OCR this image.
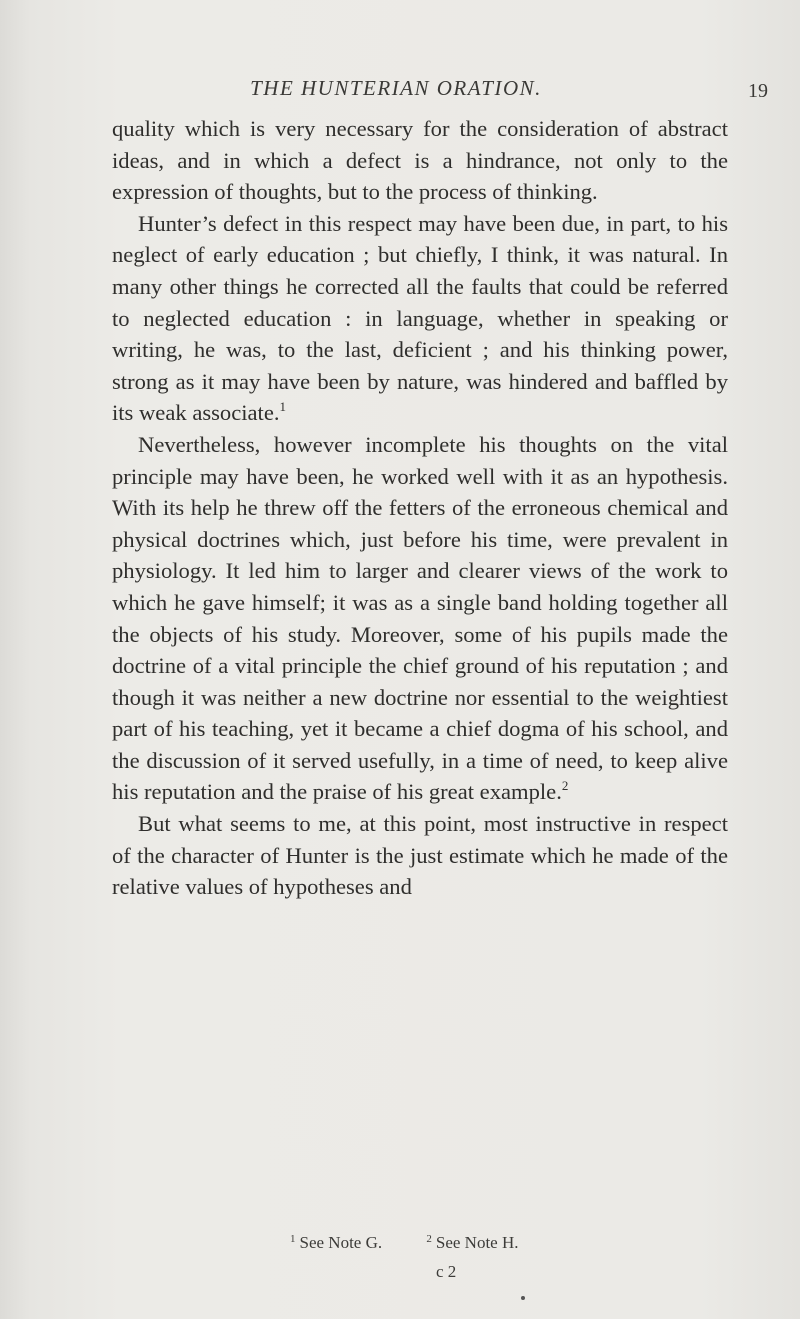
THE HUNTERIAN ORATION.	19

quality which is very necessary for the consideration of abstract ideas, and in which a defect is a hindrance, not only to the expression of thoughts, but to the process of thinking.

Hunter’s defect in this respect may have been due, in part, to his neglect of early education ; but chiefly, I think, it was natural. In many other things he corrected all the faults that could be referred to neglected education : in language, whether in speaking or writing, he was, to the last, deficient ; and his thinking power, strong as it may have been by nature, was hindered and baffled by its weak associate.$^1$

Nevertheless, however incomplete his thoughts on the vital principle may have been, he worked well with it as an hypothesis. With its help he threw off the fetters of the erroneous chemical and physical doctrines which, just before his time, were prevalent in physiology. It led him to larger and clearer views of the work to which he gave himself; it was as a single band holding together all the objects of his study. Moreover, some of his pupils made the doctrine of a vital principle the chief ground of his reputation ; and though it was neither a new doctrine nor essential to the weightiest part of his teaching, yet it became a chief dogma of his school, and the discussion of it served usefully, in a time of need, to keep alive his reputation and the praise of his great example.$^2$

But what seems to me, at this point, most instructive in respect of the character of Hunter is the just estimate which he made of the relative values of hypotheses and

1 See Note G.	2 See Note H.
c 2
